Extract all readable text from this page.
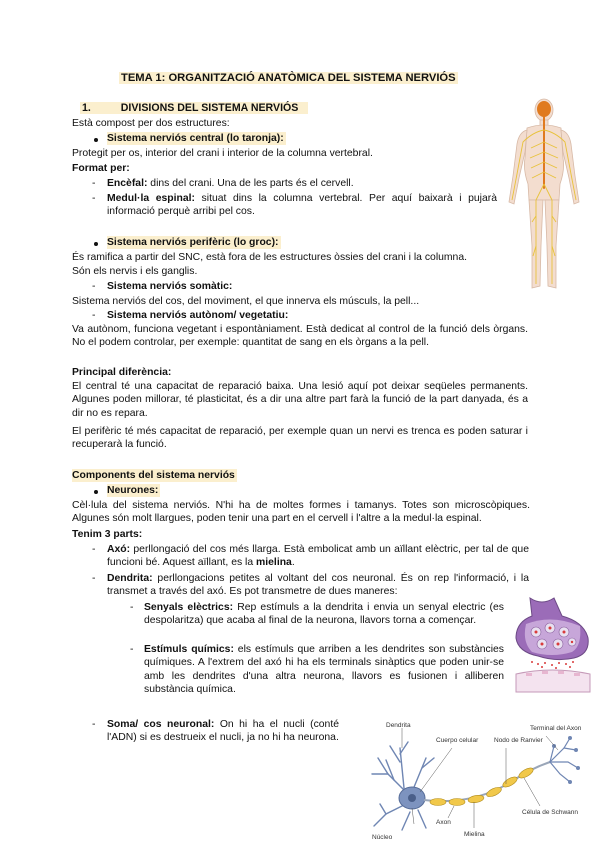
TEMA 1: ORGANITZACIÓ ANATÒMICA DEL SISTEMA NERVIÓS
1.	DIVISIONS DEL SISTEMA NERVIÓS
Està compost per dos estructures:
Sistema nerviós central (lo taronja):
Protegit per os, interior del crani i interior de la columna vertebral.
Format per:
- Encèfal: dins del crani. Una de les parts és el cervell.
- Medul·la espinal: situat dins la columna vertebral. Per aquí baixarà i pujarà informació perquè arribi pel cos.
Sistema nerviós perifèric (lo groc):
És ramifica a partir del SNC, està fora de les estructures òssies del crani i la columna.
Són els nervis i els ganglis.
- Sistema nerviós somàtic:
Sistema nerviós del cos, del moviment, el que innerva els músculs, la pell...
- Sistema nerviós autònom/ vegetatiu:
Va autònom, funciona vegetant i espontàniament. Està dedicat al control de la funció dels òrgans. No el podem controlar, per exemple: quantitat de sang en els òrgans a la pell.
Principal diferència:
El central té una capacitat de reparació baixa. Una lesió aquí pot deixar seqüeles permanents. Algunes poden millorar, té plasticitat, és a dir una altre part farà la funció de la part danyada, és a dir no es repara.
El perifèric té més capacitat de reparació, per exemple quan un nervi es trenca es poden saturar i recuperarà la funció.
Components del sistema nerviós
Neurones:
Cèl·lula del sistema nerviós. N'hi ha de moltes formes i tamanys. Totes son microscòpiques. Algunes són molt llargues, poden tenir una part en el cervell i l'altre a la medul·la espinal.
Tenim 3 parts:
- Axó: perllongació del cos més llarga. Està embolicat amb un aïllant elèctric, per tal de que funcioni bé. Aquest aïllant, es la mielina.
- Dendrita: perllongacions petites al voltant del cos neuronal. És on rep l'informació, i la transmet a través del axó. Es pot transmetre de dues maneres:
- Senyals elèctrics: Rep estímuls a la dendrita i envia un senyal electric (es despolaritza) que acaba al final de la neurona, llavors torna a començar.
- Estímuls químics: els estímuls que arriben a les dendrites son substàncies químiques. A l'extrem del axó hi ha els terminals sinàptics que poden unir-se amb les dendrites d'una altra neurona, llavors es fusionen i alliberen substància química.
- Soma/ cos neuronal: On hi ha el nucli (conté l'ADN) si es destrueix el nucli, ja no hi ha neurona.
Dendrita
Cuerpo celular Nodo de Ranvier
Terminal del Axon
Núcleo
Axon
Mielina
Célula de Schwann
